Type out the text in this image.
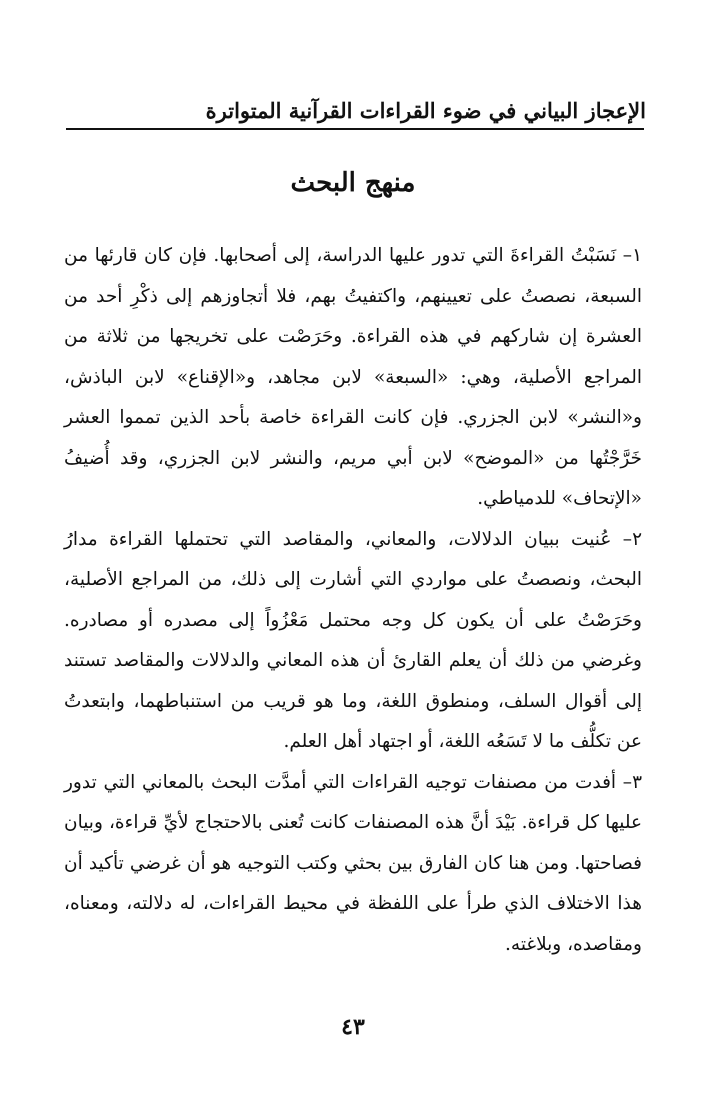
الإعجاز البياني في ضوء القراءات القرآنية المتواترة
منهج البحث

١– نَسَبْتُ القراءةَ التي تدور عليها الدراسة، إلى أصحابها. فإن كان قارئها من السبعة، نصصتُ على تعيينهم، واكتفيتُ بهم، فلا أتجاوزهم إلى ذكْرِ أحد من العشرة إن شاركهم في هذه القراءة. وحَرَصْت على تخريجها من ثلاثة من المراجع الأصلية، وهي: «السبعة» لابن مجاهد، و«الإقناع» لابن الباذش، و«النشر» لابن الجزري. فإن كانت القراءة خاصة بأحد الذين تمموا العشر خَرَّجْتُها من «الموضح» لابن أبي مريم، والنشر لابن الجزري، وقد أُضيفُ «الإتحاف» للدمياطي.

٢– عُنيت ببيان الدلالات، والمعاني، والمقاصد التي تحتملها القراءة مدارُ البحث، ونصصتُ على مواردي التي أشارت إلى ذلك، من المراجع الأصلية، وحَرَصْتُ على أن يكون كل وجه محتمل مَعْزُواً إلى مصدره أو مصادره. وغرضي من ذلك أن يعلم القارئ أن هذه المعاني والدلالات والمقاصد تستند إلى أقوال السلف، ومنطوق اللغة، وما هو قريب من استنباطهما، وابتعدتُ عن تكلُّف ما لا تَسَعُه اللغة، أو اجتهاد أهل العلم.

٣– أفدت من مصنفات توجيه القراءات التي أمدَّت البحث بالمعاني التي تدور عليها كل قراءة. بَيْدَ أنَّ هذه المصنفات كانت تُعنى بالاحتجاج لأيِّ قراءة، وبيان فصاحتها. ومن هنا كان الفارق بين بحثي وكتب التوجيه هو أن غرضي تأكيد أن هذا الاختلاف الذي طرأ على اللفظة في محيط القراءات، له دلالته، ومعناه، ومقاصده، وبلاغته.

٤٣
